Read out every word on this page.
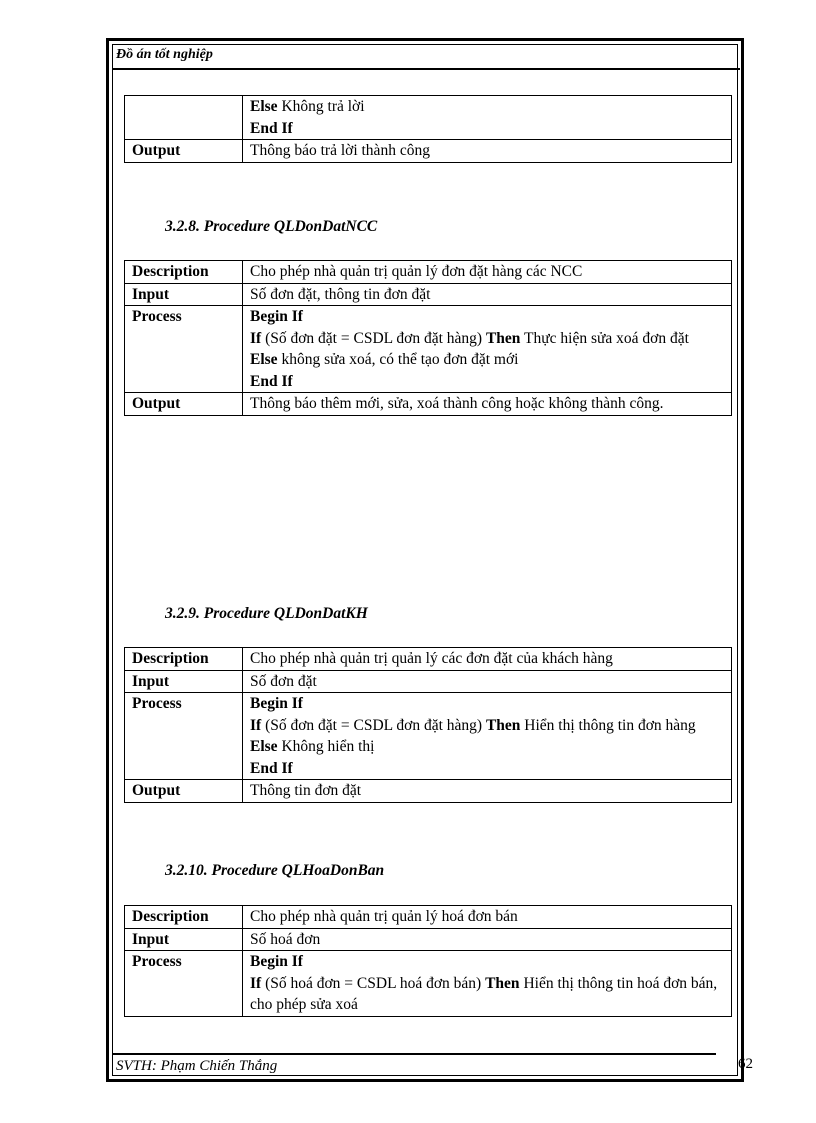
Đồ án tốt nghiệp

	Else Không trả lời
End If

Output	Thông báo trả lời thành công
3.2.8. Procedure QLDonDatNCC
Description	Cho phép nhà quản trị quản lý đơn đặt hàng các NCC
Input	Số đơn đặt, thông tin đơn đặt
Process	Begin If
If (Số đơn đặt = CSDL đơn đặt hàng) Then Thực hiện sửa xoá đơn đặt
Else không sửa xoá, có thể tạo đơn đặt mới
End If

Output	Thông báo thêm mới, sửa, xoá thành công hoặc không thành công.
3.2.9. Procedure QLDonDatKH
Description	Cho phép nhà quản trị quản lý các đơn đặt của khách hàng
Input	Số đơn đặt
Process	Begin If
If (Số đơn đặt = CSDL đơn đặt hàng) Then Hiển thị thông tin đơn hàng
Else Không hiển thị
End If

Output	Thông tin đơn đặt
3.2.10. Procedure QLHoaDonBan
Description	Cho phép nhà quản trị quản lý hoá đơn bán
Input	Số hoá đơn
Process	Begin If
If (Số hoá đơn = CSDL hoá đơn bán) Then Hiển thị thông tin hoá đơn bán, cho phép sửa xoá
SVTH: Phạm Chiến Thắng	62
